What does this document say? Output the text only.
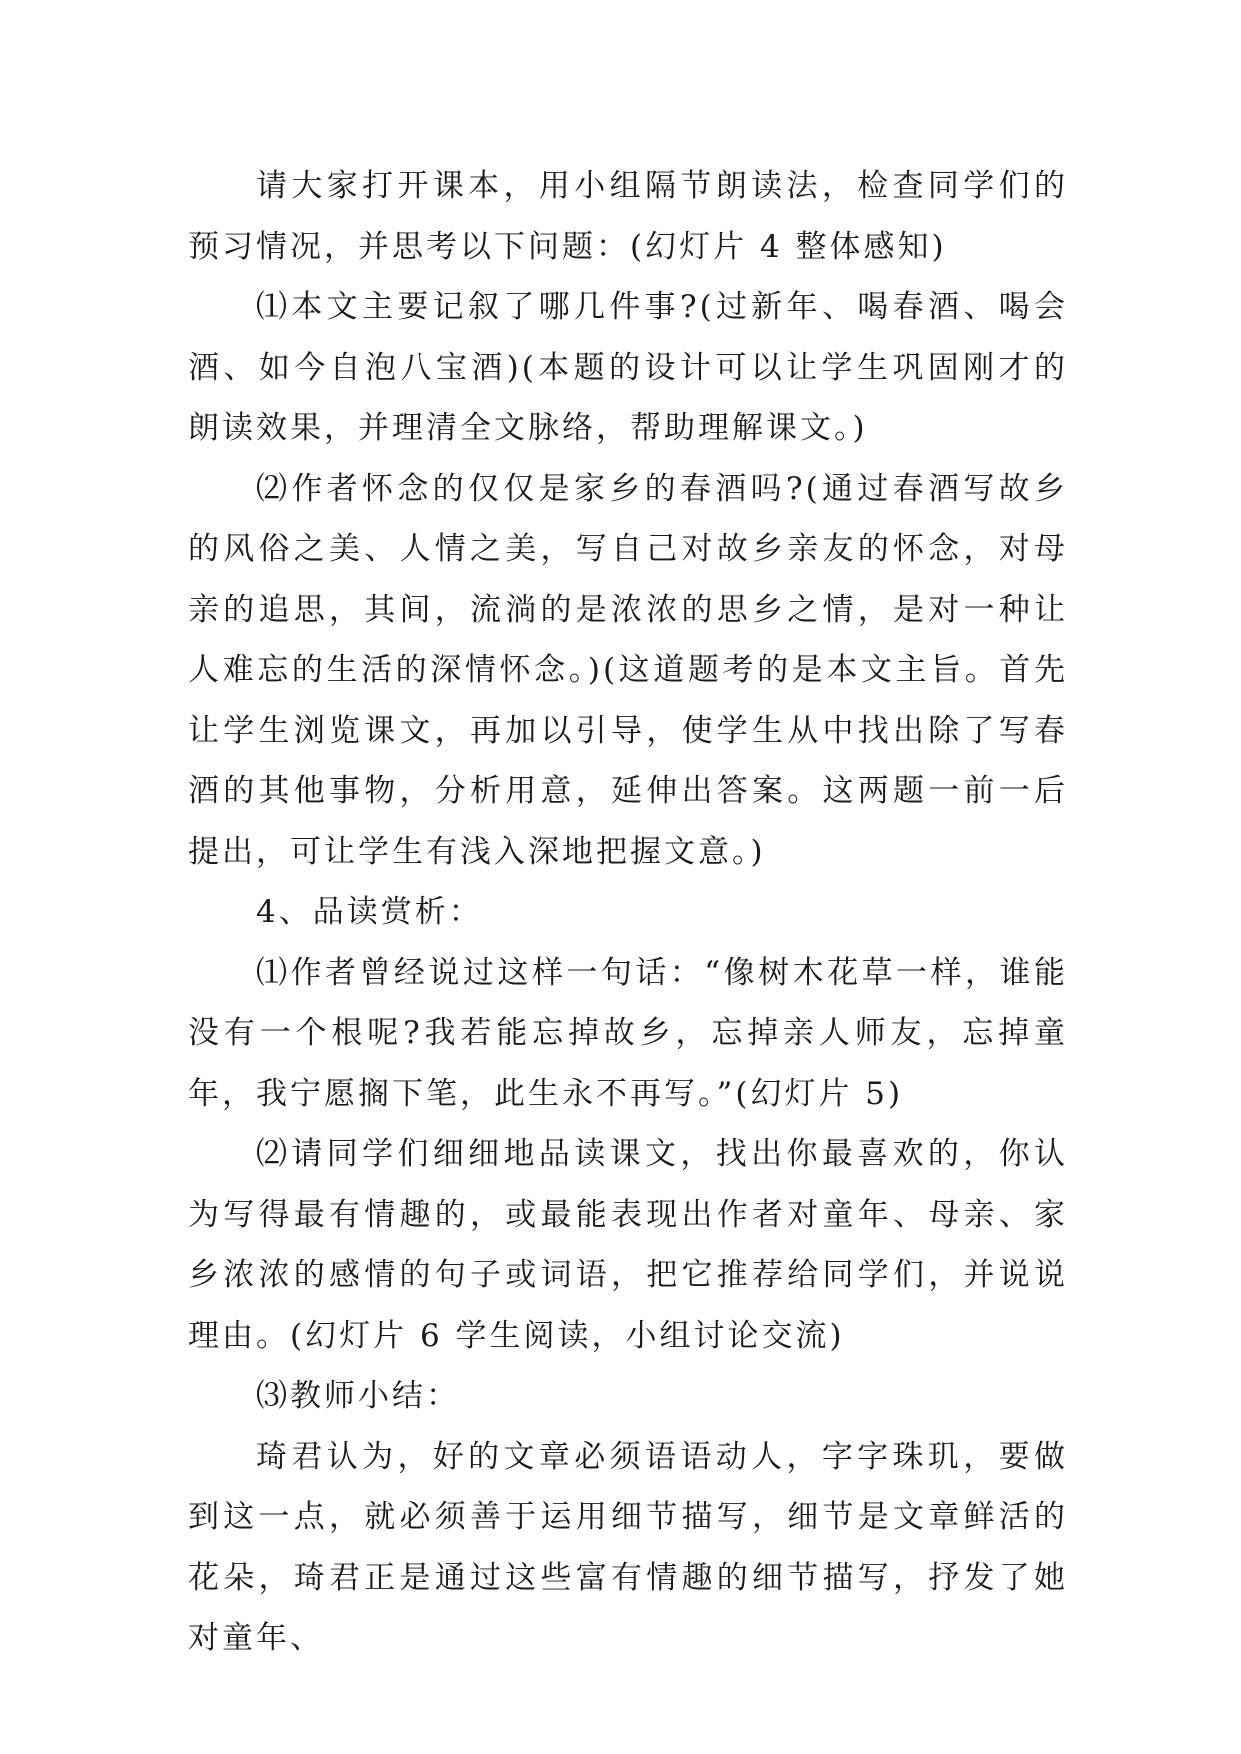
请大家打开课本，用小组隔节朗读法，检查同学们的预习情况，并思考以下问题：(幻灯片 4 整体感知)

⑴本文主要记叙了哪几件事?(过新年、喝春酒、喝会酒、如今自泡八宝酒)(本题的设计可以让学生巩固刚才的朗读效果，并理清全文脉络，帮助理解课文。)

⑵作者怀念的仅仅是家乡的春酒吗?(通过春酒写故乡的风俗之美、人情之美，写自己对故乡亲友的怀念，对母亲的追思，其间，流淌的是浓浓的思乡之情，是对一种让人难忘的生活的深情怀念。)(这道题考的是本文主旨。首先让学生浏览课文，再加以引导，使学生从中找出除了写春酒的其他事物，分析用意，延伸出答案。这两题一前一后提出，可让学生有浅入深地把握文意。)

4、品读赏析：

⑴作者曾经说过这样一句话：“像树木花草一样，谁能没有一个根呢?我若能忘掉故乡，忘掉亲人师友，忘掉童年，我宁愿搁下笔，此生永不再写。”(幻灯片 5)

⑵请同学们细细地品读课文，找出你最喜欢的，你认为写得最有情趣的，或最能表现出作者对童年、母亲、家乡浓浓的感情的句子或词语，把它推荐给同学们，并说说理由。(幻灯片 6 学生阅读，小组讨论交流)

⑶教师小结：

琦君认为，好的文章必须语语动人，字字珠玑，要做到这一点，就必须善于运用细节描写，细节是文章鲜活的花朵，琦君正是通过这些富有情趣的细节描写，抒发了她对童年、
